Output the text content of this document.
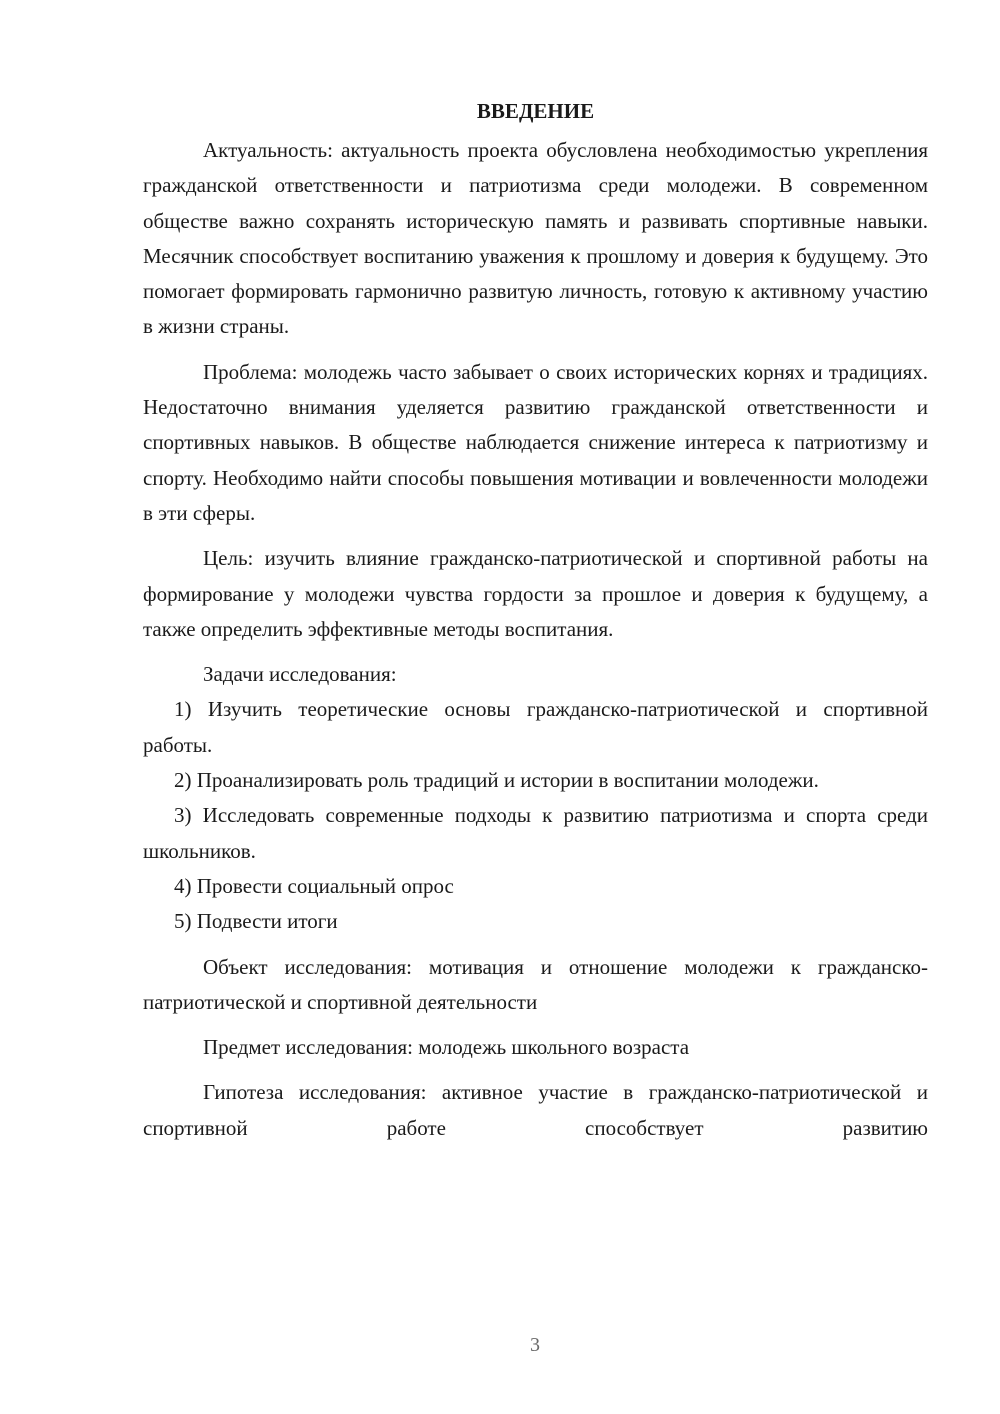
ВВЕДЕНИЕ

Актуальность: актуальность проекта обусловлена необходимостью укрепления гражданской ответственности и патриотизма среди молодежи. В современном обществе важно сохранять историческую память и развивать спортивные навыки. Месячник способствует воспитанию уважения к прошлому и доверия к будущему. Это помогает формировать гармонично развитую личность, готовую к активному участию в жизни страны.

Проблема: молодежь часто забывает о своих исторических корнях и традициях. Недостаточно внимания уделяется развитию гражданской ответственности и спортивных навыков. В обществе наблюдается снижение интереса к патриотизму и спорту. Необходимо найти способы повышения мотивации и вовлеченности молодежи в эти сферы.

Цель: изучить влияние гражданско-патриотической и спортивной работы на формирование у молодежи чувства гордости за прошлое и доверия к будущему, а также определить эффективные методы воспитания.

Задачи исследования:

1) Изучить теоретические основы гражданско-патриотической и спортивной работы.

2) Проанализировать роль традиций и истории в воспитании молодежи.

3) Исследовать современные подходы к развитию патриотизма и спорта среди школьников.

4) Провести социальный опрос

5) Подвести итоги

Объект исследования: мотивация и отношение молодежи к гражданско-патриотической и спортивной деятельности

Предмет исследования: молодежь школьного возраста

Гипотеза исследования: активное участие в гражданско-патриотической и спортивной работе способствует развитию

3
